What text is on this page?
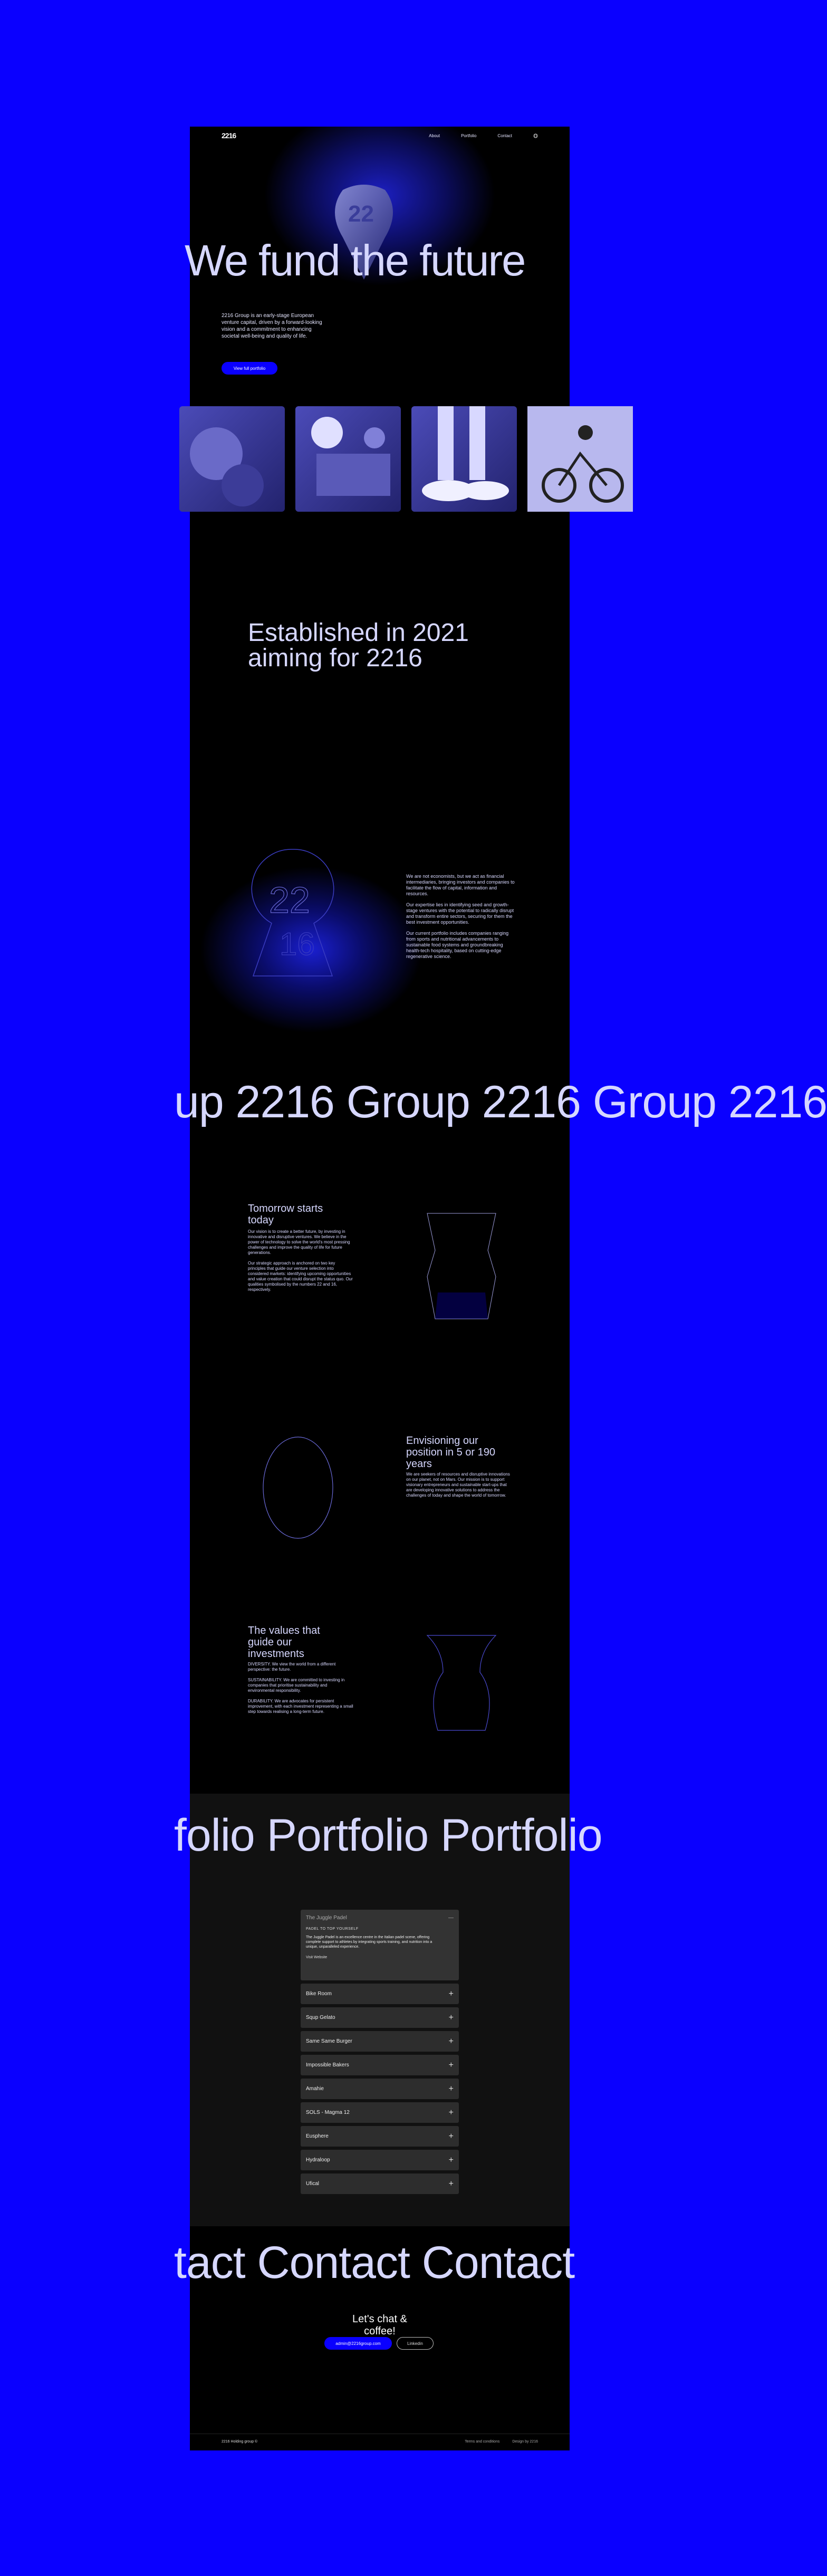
2216	About	Portfolio	Contact
22
We fund the future
2216 Group is an early-stage European venture capital, driven by a forward-looking vision and a commitment to enhancing societal well-being and quality of life.
View full portfolio
Established in 2021 aiming for 2216
22
16

We are not economists, but we act as financial intermediaries, bringing investors and companies to facilitate the flow of capital, information and resources.

Our expertise lies in identifying seed and growth-stage ventures with the potential to radically disrupt and transform entire sectors, securing for them the best investment opportunities.

Our current portfolio includes companies ranging from sports and nutritional advancements to sustainable food systems and groundbreaking health-tech hospitality, based on cutting-edge regenerative science.

up 2216 Group 2216 Group 2216
Tomorrow starts today

Our vision is to create a better future, by investing in innovative and disruptive ventures. We believe in the power of technology to solve the world's most pressing challenges and improve the quality of life for future generations.

Our strategic approach is anchored on two key principles that guide our venture selection into considered markets: identifying upcoming opportunities and value creation that could disrupt the status quo. Our qualities symbolised by the numbers 22 and 16, respectively.

Envisioning our position in 5 or 190 years
We are seekers of resources and disruptive innovations on our planet, not on Mars. Our mission is to support visionary entrepreneurs and sustainable start-ups that are developing innovative solutions to address the challenges of today and shape the world of tomorrow.
The values that guide our investments

DIVERSITY. We view the world from a different perspective: the future.

SUSTAINABILITY. We are committed to investing in companies that prioritise sustainability and environmental responsibility.

DURABILITY. We are advocates for persistent improvement, with each investment representing a small step towards realising a long-term future.

folio Portfolio Portfolio
The Juggle Padel	—
PADEL TO TOP YOURSELF
The Juggle Padel is an excellence centre in the Italian padel scene, offering complete support to athletes by integrating sports training, and nutrition into a unique, unparalleled experience.
Visit Website
Bike Room	+
Squp Gelato	+
Same Same Burger	+
Impossible Bakers	+
Amahie	+
SOLS - Magma 12	+
Eusphere	+
Hydraloop	+
Ufical	+
tact Contact Contact
Let's chat & coffee!
admin@2216group.com	Linkedin
2216 Holding group ©	Terms and conditions	Design by 2216
